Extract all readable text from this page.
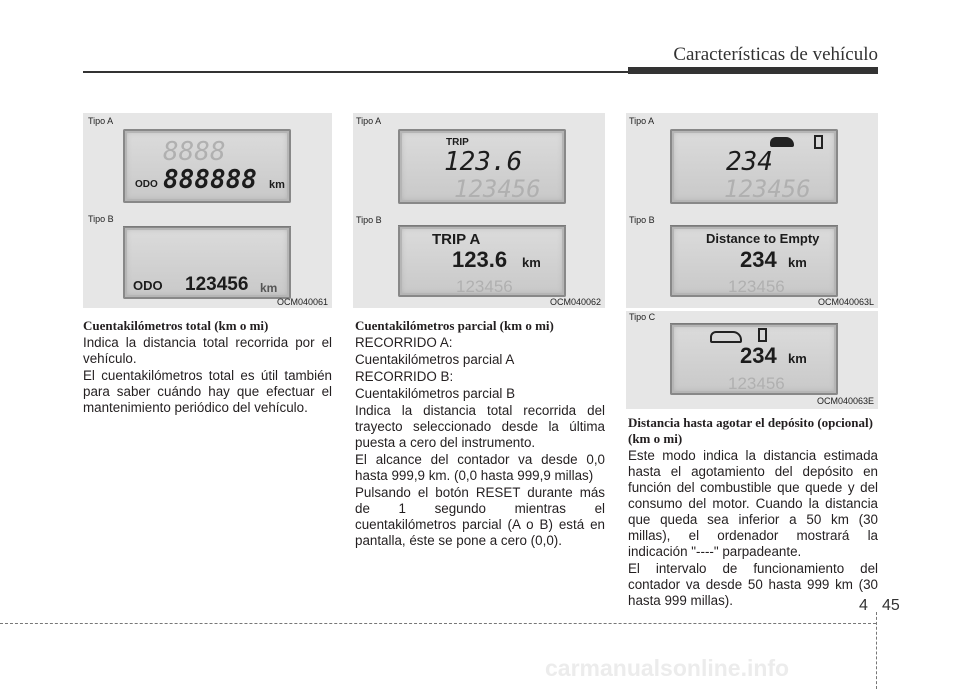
Características de vehículo
Tipo A
8888
ODO 888888 km
Tipo B
ODO 123456 km
OCM040061
Tipo A
TRIP
123.6
123456
Tipo B
TRIP A
123.6 km
123456
OCM040062
Tipo A
234
123456
Tipo B
Distance to Empty
234 km
123456
OCM040063L
Tipo C
234 km
123456
OCM040063E

Cuentakilómetros total (km o mi)

Indica la distancia total recorrida por el vehículo.

El cuentakilómetros total es útil también para saber cuándo hay que efectuar el mantenimiento periódico del vehículo.

Cuentakilómetros parcial (km o mi)

RECORRIDO A:

Cuentakilómetros parcial A

RECORRIDO B:

Cuentakilómetros parcial B

Indica la distancia total recorrida del trayecto seleccionado desde la última puesta a cero del instrumento.

El alcance del contador va desde 0,0 hasta 999,9 km. (0,0 hasta 999,9 millas)

Pulsando el botón RESET durante más de 1 segundo mientras el cuentakilómetros parcial (A o B) está en pantalla, éste se pone a cero (0,0).

Distancia hasta agotar el depósito (opcional) (km o mi)

Este modo indica la distancia estimada hasta el agotamiento del depósito en función del combustible que quede y del consumo del motor. Cuando la distancia que queda sea inferior a 50 km (30 millas), el ordenador mostrará la indicación "----" parpadeante.

El intervalo de funcionamiento del contador va desde 50 hasta 999 km (30 hasta 999 millas).	4 45
carmanualsonline.info
